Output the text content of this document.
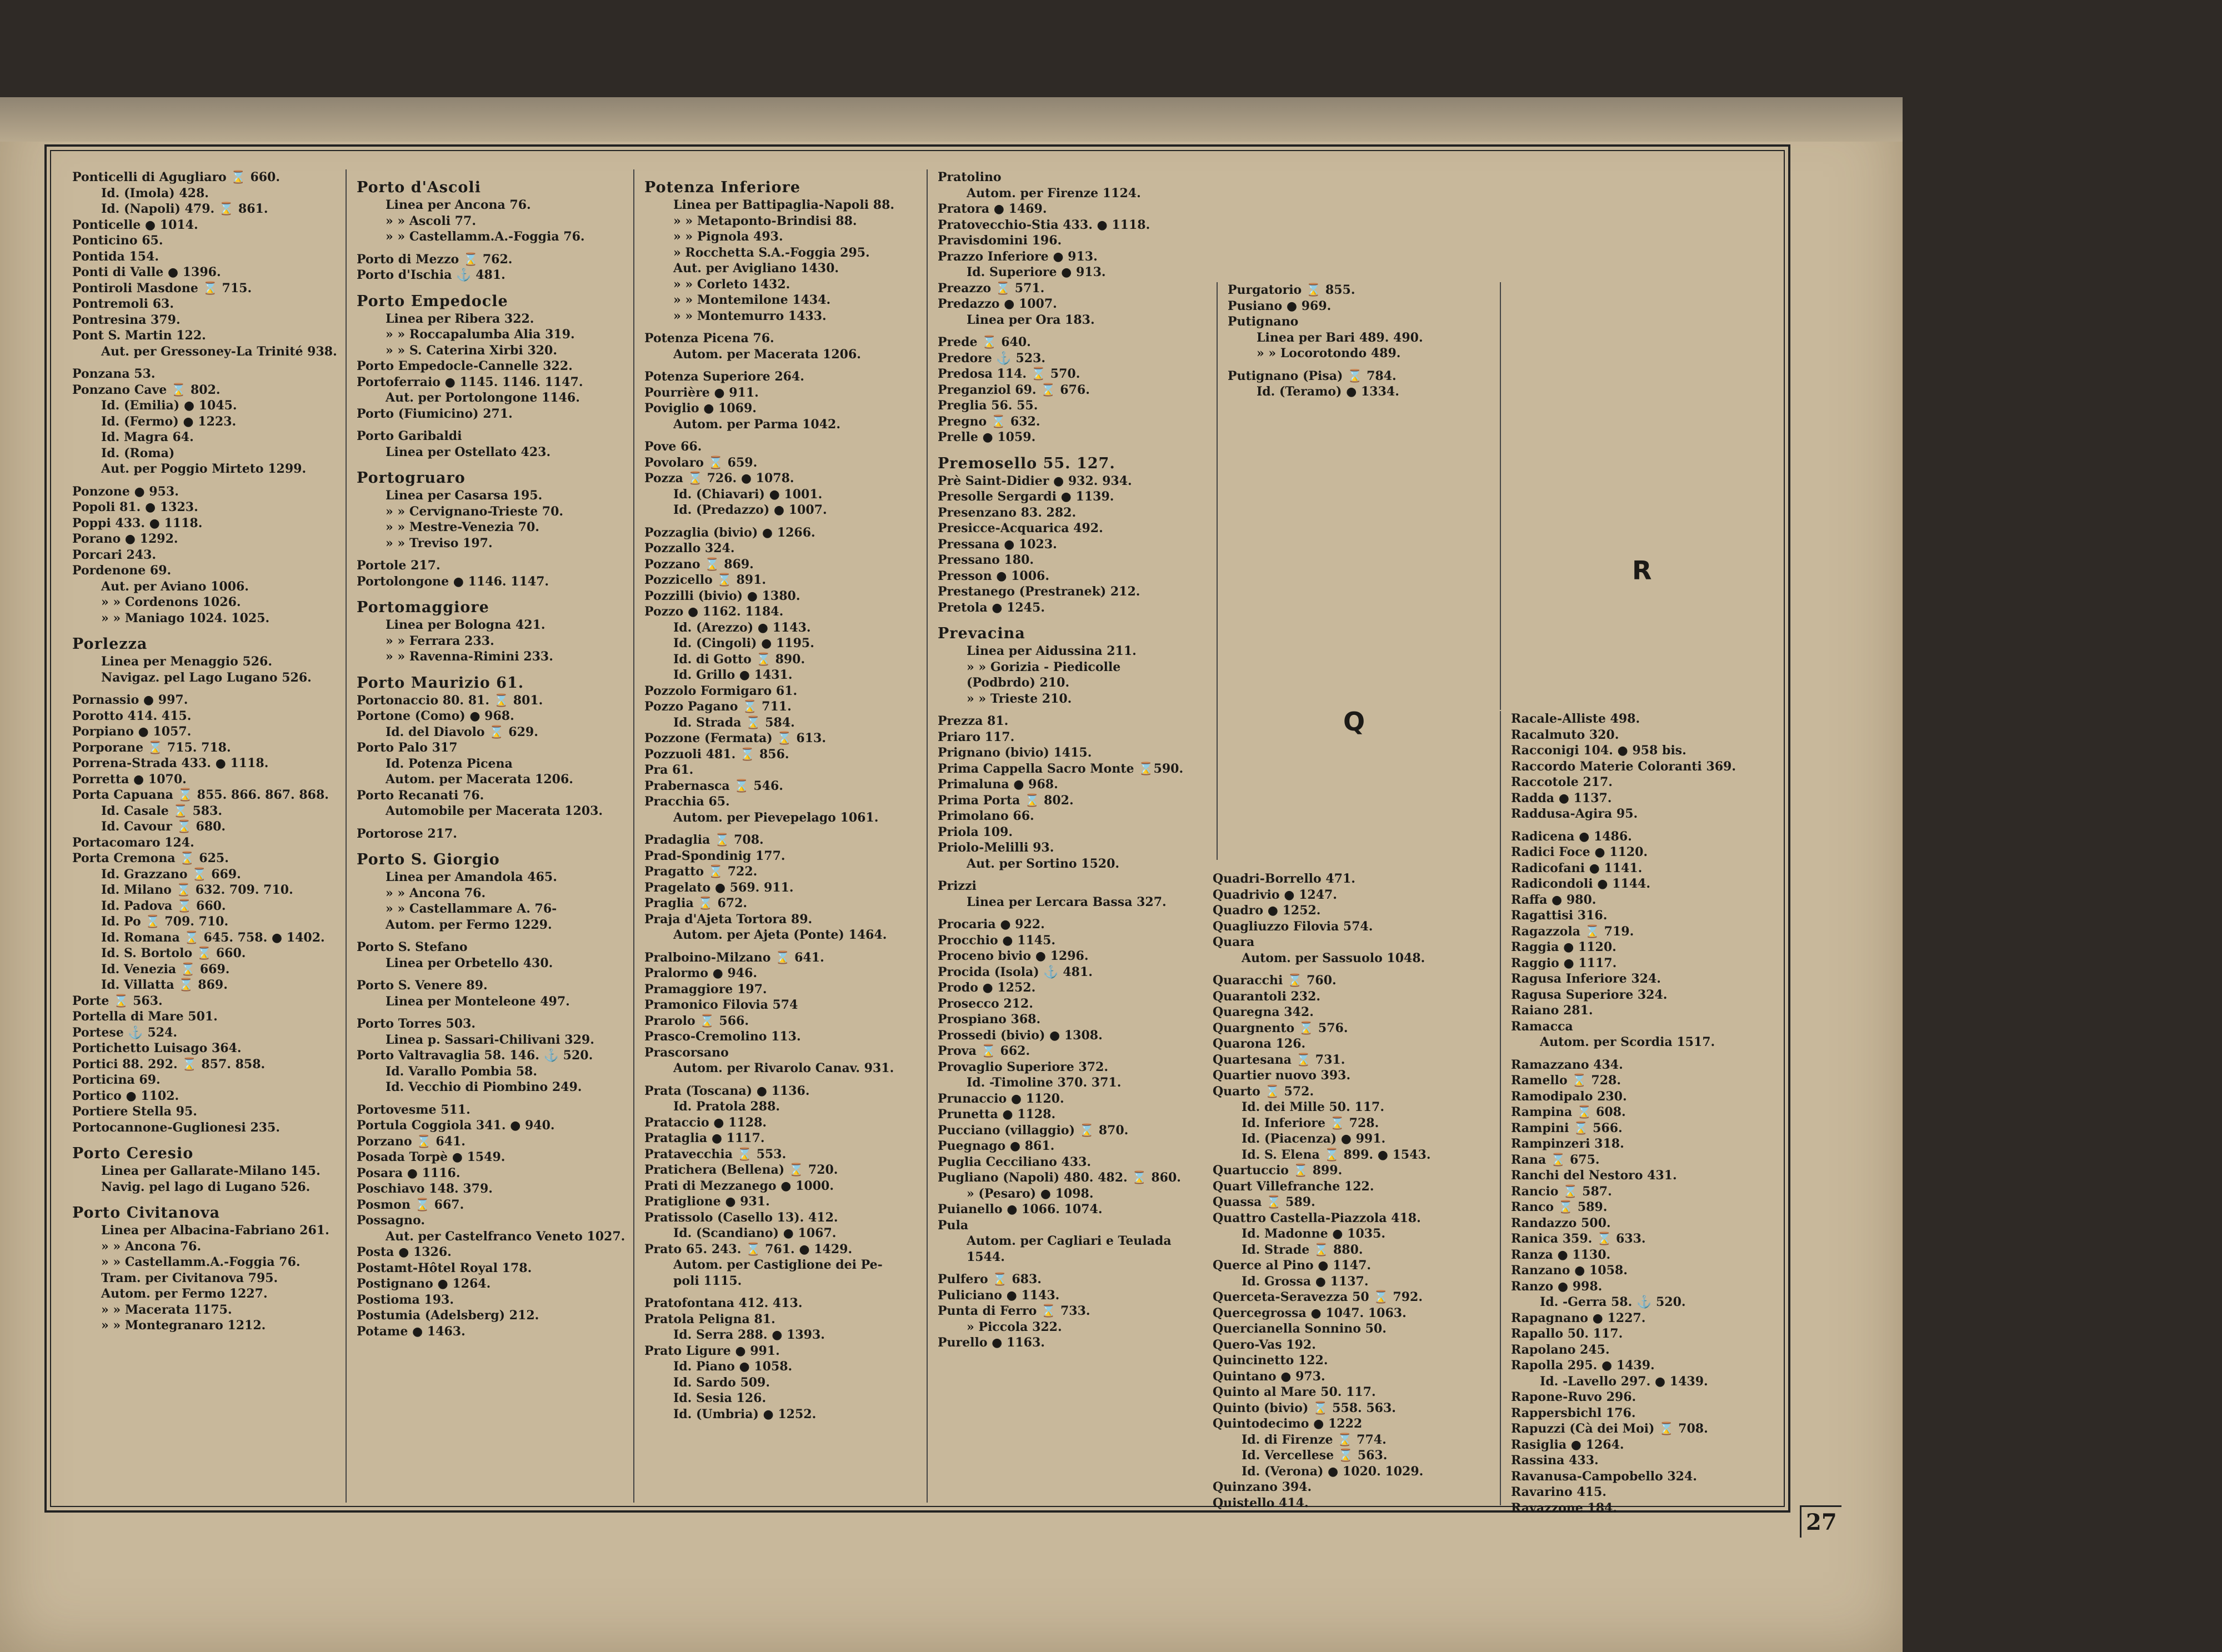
Ponticelli di Agugliaro ⌛ 660.

Id. (Imola) 428.

Id. (Napoli) 479. ⌛ 861.

Ponticelle ● 1014.

Ponticino 65.

Pontida 154.

Ponti di Valle ● 1396.

Pontiroli Masdone ⌛ 715.

Pontremoli 63.

Pontresina 379.

Pont S. Martin 122.

Aut. per Gressoney-La Trinité 938.

Ponzana 53.

Ponzano Cave ⌛ 802.

Id. (Emilia) ● 1045.

Id. (Fermo) ● 1223.

Id. Magra 64.

Id. (Roma)

Aut. per Poggio Mirteto 1299.

Ponzone ● 953.

Popoli 81. ● 1323.

Poppi 433. ● 1118.

Porano ● 1292.

Porcari 243.

Pordenone 69.

Aut. per Aviano 1006.

» » Cordenons 1026.

» » Maniago 1024. 1025.

Porlezza

Linea per Menaggio 526.

Navigaz. pel Lago Lugano 526.

Pornassio ● 997.

Porotto 414. 415.

Porpiano ● 1057.

Porporane ⌛ 715. 718.

Porrena-Strada 433. ● 1118.

Porretta ● 1070.

Porta Capuana ⌛ 855. 866. 867. 868.

Id. Casale ⌛ 583.

Id. Cavour ⌛ 680.

Portacomaro 124.

Porta Cremona ⌛ 625.

Id. Grazzano ⌛ 669.

Id. Milano ⌛ 632. 709. 710.

Id. Padova ⌛ 660.

Id. Po ⌛ 709. 710.

Id. Romana ⌛ 645. 758. ● 1402.

Id. S. Bortolo ⌛ 660.

Id. Venezia ⌛ 669.

Id. Villatta ⌛ 869.

Porte ⌛ 563.

Portella di Mare 501.

Portese ⚓ 524.

Portichetto Luisago 364.

Portici 88. 292. ⌛ 857. 858.

Porticina 69.

Portico ● 1102.

Portiere Stella 95.

Portocannone-Guglionesi 235.

Porto Ceresio

Linea per Gallarate-Milano 145.

Navig. pel lago di Lugano 526.

Porto Civitanova

Linea per Albacina-Fabriano 261.

» » Ancona 76.

» » Castellamm.A.-Foggia 76.

Tram. per Civitanova 795.

Autom. per Fermo 1227.

» » Macerata 1175.

» » Montegranaro 1212.

Porto d'Ascoli

Linea per Ancona 76.

» » Ascoli 77.

» » Castellamm.A.-Foggia 76.

Porto di Mezzo ⌛ 762.

Porto d'Ischia ⚓ 481.

Porto Empedocle

Linea per Ribera 322.

» » Roccapalumba Alia 319.

» » S. Caterina Xirbi 320.

Porto Empedocle-Cannelle 322.

Portoferraio ● 1145. 1146. 1147.

Aut. per Portolongone 1146.

Porto (Fiumicino) 271.

Porto Garibaldi

Linea per Ostellato 423.

Portogruaro

Linea per Casarsa 195.

» » Cervignano-Trieste 70.

» » Mestre-Venezia 70.

» » Treviso 197.

Portole 217.

Portolongone ● 1146. 1147.

Portomaggiore

Linea per Bologna 421.

» » Ferrara 233.

» » Ravenna-Rimini 233.

Porto Maurizio 61.

Portonaccio 80. 81. ⌛ 801.

Portone (Como) ● 968.

Id. del Diavolo ⌛ 629.

Porto Palo 317

Id. Potenza Picena

Autom. per Macerata 1206.

Porto Recanati 76.

Automobile per Macerata 1203.

Portorose 217.

Porto S. Giorgio

Linea per Amandola 465.

» » Ancona 76.

» » Castellammare A. 76-

Autom. per Fermo 1229.

Porto S. Stefano

Linea per Orbetello 430.

Porto S. Venere 89.

Linea per Monteleone 497.

Porto Torres 503.

Linea p. Sassari-Chilivani 329.

Porto Valtravaglia 58. 146. ⚓ 520.

Id. Varallo Pombia 58.

Id. Vecchio di Piombino 249.

Portovesme 511.

Portula Coggiola 341. ● 940.

Porzano ⌛ 641.

Posada Torpè ● 1549.

Posara ● 1116.

Poschiavo 148. 379.

Posmon ⌛ 667.

Possagno.

Aut. per Castelfranco Veneto 1027.

Posta ● 1326.

Postamt-Hôtel Royal 178.

Postignano ● 1264.

Postioma 193.

Postumia (Adelsberg) 212.

Potame ● 1463.

Potenza Inferiore

Linea per Battipaglia-Napoli 88.

» » Metaponto-Brindisi 88.

» » Pignola 493.

» Rocchetta S.A.-Foggia 295.

Aut. per Avigliano 1430.

» » Corleto 1432.

» » Montemilone 1434.

» » Montemurro 1433.

Potenza Picena 76.

Autom. per Macerata 1206.

Potenza Superiore 264.

Pourrière ● 911.

Poviglio ● 1069.

Autom. per Parma 1042.

Pove 66.

Povolaro ⌛ 659.

Pozza ⌛ 726. ● 1078.

Id. (Chiavari) ● 1001.

Id. (Predazzo) ● 1007.

Pozzaglia (bivio) ● 1266.

Pozzallo 324.

Pozzano ⌛ 869.

Pozzicello ⌛ 891.

Pozzilli (bivio) ● 1380.

Pozzo ● 1162. 1184.

Id. (Arezzo) ● 1143.

Id. (Cingoli) ● 1195.

Id. di Gotto ⌛ 890.

Id. Grillo ● 1431.

Pozzolo Formigaro 61.

Pozzo Pagano ⌛ 711.

Id. Strada ⌛ 584.

Pozzone (Fermata) ⌛ 613.

Pozzuoli 481. ⌛ 856.

Pra 61.

Prabernasca ⌛ 546.

Pracchia 65.

Autom. per Pievepelago 1061.

Pradaglia ⌛ 708.

Prad-Spondinig 177.

Pragatto ⌛ 722.

Pragelato ● 569. 911.

Praglia ⌛ 672.

Praja d'Ajeta Tortora 89.

Autom. per Ajeta (Ponte) 1464.

Pralboino-Milzano ⌛ 641.

Pralormo ● 946.

Pramaggiore 197.

Pramonico Filovia 574

Prarolo ⌛ 566.

Prasco-Cremolino 113.

Prascorsano

Autom. per Rivarolo Canav. 931.

Prata (Toscana) ● 1136.

Id. Pratola 288.

Prataccio ● 1128.

Prataglia ● 1117.

Pratavecchia ⌛ 553.

Pratichera (Bellena) ⌛ 720.

Prati di Mezzanego ● 1000.

Pratiglione ● 931.

Pratissolo (Casello 13). 412.

Id. (Scandiano) ● 1067.

Prato 65. 243. ⌛ 761. ● 1429.

Autom. per Castiglione dei Pe-

poli 1115.

Pratofontana 412. 413.

Pratola Peligna 81.

Id. Serra 288. ● 1393.

Prato Ligure ● 991.

Id. Piano ● 1058.

Id. Sardo 509.

Id. Sesia 126.

Id. (Umbria) ● 1252.

Pratolino

Autom. per Firenze 1124.

Pratora ● 1469.

Pratovecchio-Stia 433. ● 1118.

Pravisdomini 196.

Prazzo Inferiore ● 913.

Id. Superiore ● 913.

Preazzo ⌛ 571.

Predazzo ● 1007.

Linea per Ora 183.

Prede ⌛ 640.

Predore ⚓ 523.

Predosa 114. ⌛ 570.

Preganziol 69. ⌛ 676.

Preglia 56. 55.

Pregno ⌛ 632.

Prelle ● 1059.

Premosello 55. 127.

Prè Saint-Didier ● 932. 934.

Presolle Sergardi ● 1139.

Presenzano 83. 282.

Presicce-Acquarica 492.

Pressana ● 1023.

Pressano 180.

Presson ● 1006.

Prestanego (Prestranek) 212.

Pretola ● 1245.

Prevacina

Linea per Aidussina 211.

» » Gorizia - Piedicolle

(Podbrdo) 210.

» » Trieste 210.

Prezza 81.

Priaro 117.

Prignano (bivio) 1415.

Prima Cappella Sacro Monte ⌛590.

Primaluna ● 968.

Prima Porta ⌛ 802.

Primolano 66.

Priola 109.

Priolo-Melilli 93.

Aut. per Sortino 1520.

Prizzi

Linea per Lercara Bassa 327.

Procaria ● 922.

Procchio ● 1145.

Proceno bivio ● 1296.

Procida (Isola) ⚓ 481.

Prodo ● 1252.

Prosecco 212.

Prospiano 368.

Prossedi (bivio) ● 1308.

Prova ⌛ 662.

Provaglio Superiore 372.

Id. -Timoline 370. 371.

Prunaccio ● 1120.

Prunetta ● 1128.

Pucciano (villaggio) ⌛ 870.

Puegnago ● 861.

Puglia Cecciliano 433.

Pugliano (Napoli) 480. 482. ⌛ 860.

» (Pesaro) ● 1098.

Puianello ● 1066. 1074.

Pula

Autom. per Cagliari e Teulada

1544.

Pulfero ⌛ 683.

Puliciano ● 1143.

Punta di Ferro ⌛ 733.

» Piccola 322.

Purello ● 1163.

Purgatorio ⌛ 855.

Pusiano ● 969.

Putignano

Linea per Bari 489. 490.

» » Locorotondo 489.

Putignano (Pisa) ⌛ 784.

Id. (Teramo) ● 1334.

Quadri-Borrello 471.

Quadrivio ● 1247.

Quadro ● 1252.

Quagliuzzo Filovia 574.

Quara

Autom. per Sassuolo 1048.

Quaracchi ⌛ 760.

Quarantoli 232.

Quaregna 342.

Quargnento ⌛ 576.

Quarona 126.

Quartesana ⌛ 731.

Quartier nuovo 393.

Quarto ⌛ 572.

Id. dei Mille 50. 117.

Id. Inferiore ⌛ 728.

Id. (Piacenza) ● 991.

Id. S. Elena ⌛ 899. ● 1543.

Quartuccio ⌛ 899.

Quart Villefranche 122.

Quassa ⌛ 589.

Quattro Castella-Piazzola 418.

Id. Madonne ● 1035.

Id. Strade ⌛ 880.

Querce al Pino ● 1147.

Id. Grossa ● 1137.

Querceta-Seravezza 50 ⌛ 792.

Quercegrossa ● 1047. 1063.

Quercianella Sonnino 50.

Quero-Vas 192.

Quincinetto 122.

Quintano ● 973.

Quinto al Mare 50. 117.

Quinto (bivio) ⌛ 558. 563.

Quintodecimo ● 1222

Id. di Firenze ⌛ 774.

Id. Vercellese ⌛ 563.

Id. (Verona) ● 1020. 1029.

Quinzano 394.

Quistello 414.

Racale-Alliste 498.

Racalmuto 320.

Racconigi 104. ● 958 bis.

Raccordo Materie Coloranti 369.

Raccotole 217.

Radda ● 1137.

Raddusa-Agira 95.

Radicena ● 1486.

Radici Foce ● 1120.

Radicofani ● 1141.

Radicondoli ● 1144.

Raffa ● 980.

Ragattisi 316.

Ragazzola ⌛ 719.

Raggia ● 1120.

Raggio ● 1117.

Ragusa Inferiore 324.

Ragusa Superiore 324.

Raiano 281.

Ramacca

Autom. per Scordia 1517.

Ramazzano 434.

Ramello ⌛ 728.

Ramodipalo 230.

Rampina ⌛ 608.

Rampini ⌛ 566.

Rampinzeri 318.

Rana ⌛ 675.

Ranchi del Nestoro 431.

Rancio ⌛ 587.

Ranco ⌛ 589.

Randazzo 500.

Ranica 359. ⌛ 633.

Ranza ● 1130.

Ranzano ● 1058.

Ranzo ● 998.

Id. -Gerra 58. ⚓ 520.

Rapagnano ● 1227.

Rapallo 50. 117.

Rapolano 245.

Rapolla 295. ● 1439.

Id. -Lavello 297. ● 1439.

Rapone-Ruvo 296.

Rappersbichl 176.

Rapuzzi (Cà dei Moi) ⌛ 708.

Rasiglia ● 1264.

Rassina 433.

Ravanusa-Campobello 324.

Ravarino 415.

Ravazzone 184.

Q
R
27
